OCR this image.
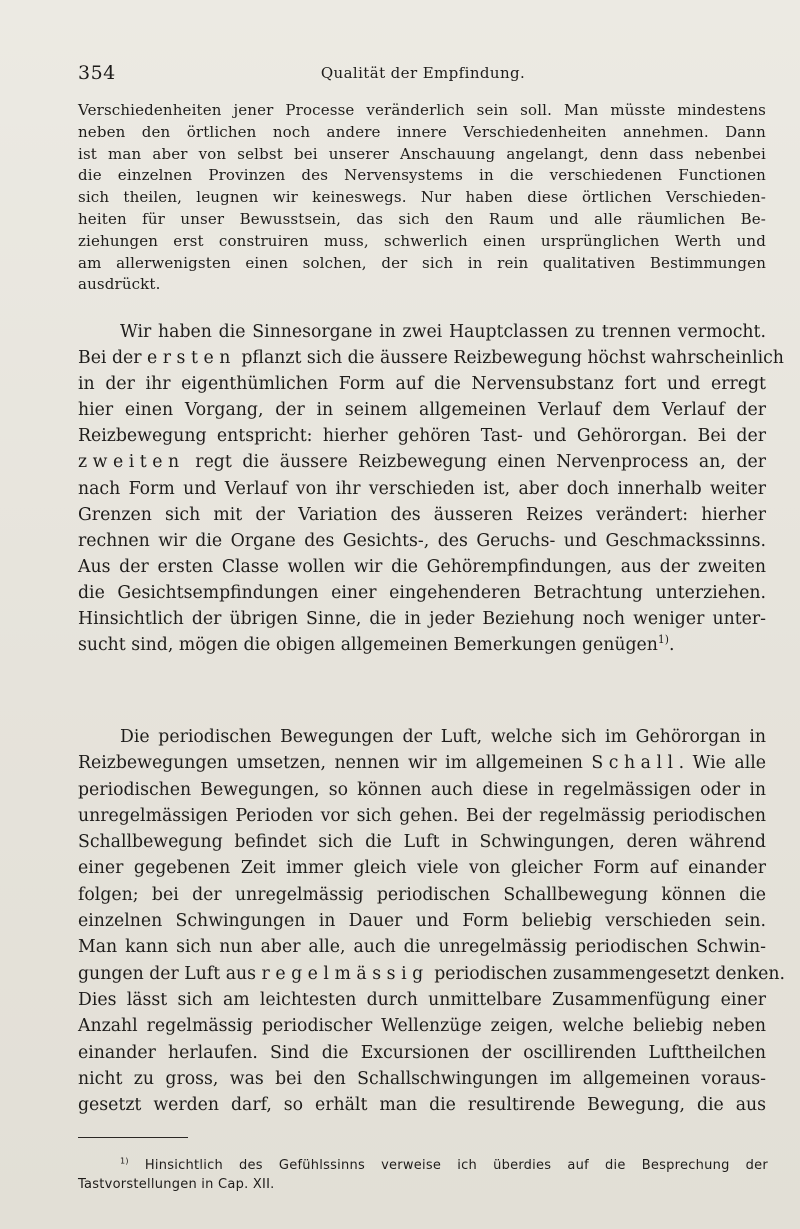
354	Qualität der Empfindung.

Verschiedenheiten jener Processe veränderlich sein soll. Man müsste mindestens
neben den örtlichen noch andere innere Verschiedenheiten annehmen. Dann
ist man aber von selbst bei unserer Anschauung angelangt, denn dass nebenbei
die einzelnen Provinzen des Nervensystems in die verschiedenen Functionen
sich theilen, leugnen wir keineswegs. Nur haben diese örtlichen Verschieden-
heiten für unser Bewusstsein, das sich den Raum und alle räumlichen Be-
ziehungen erst construiren muss, schwerlich einen ursprünglichen Werth und
am allerwenigsten einen solchen, der sich in rein qualitativen Bestimmungen
ausdrückt.

Wir haben die Sinnesorgane in zwei Hauptclassen zu trennen vermocht.
Bei der ersten pflanzt sich die äussere Reizbewegung höchst wahrscheinlich
in der ihr eigenthümlichen Form auf die Nervensubstanz fort und erregt
hier einen Vorgang, der in seinem allgemeinen Verlauf dem Verlauf der
Reizbewegung entspricht: hierher gehören Tast- und Gehörorgan. Bei der
zweiten regt die äussere Reizbewegung einen Nervenprocess an, der
nach Form und Verlauf von ihr verschieden ist, aber doch innerhalb weiter
Grenzen sich mit der Variation des äusseren Reizes verändert: hierher
rechnen wir die Organe des Gesichts-, des Geruchs- und Geschmackssinns.
Aus der ersten Classe wollen wir die Gehörempfindungen, aus der zweiten
die Gesichtsempfindungen einer eingehenderen Betrachtung unterziehen.
Hinsichtlich der übrigen Sinne, die in jeder Beziehung noch weniger unter-
sucht sind, mögen die obigen allgemeinen Bemerkungen genügen$^{1)}$.

Die periodischen Bewegungen der Luft, welche sich im Gehörorgan in
Reizbewegungen umsetzen, nennen wir im allgemeinen Schall. Wie alle
periodischen Bewegungen, so können auch diese in regelmässigen oder in
unregelmässigen Perioden vor sich gehen. Bei der regelmässig periodischen
Schallbewegung befindet sich die Luft in Schwingungen, deren während
einer gegebenen Zeit immer gleich viele von gleicher Form auf einander
folgen; bei der unregelmässig periodischen Schallbewegung können die
einzelnen Schwingungen in Dauer und Form beliebig verschieden sein.
Man kann sich nun aber alle, auch die unregelmässig periodischen Schwin-
gungen der Luft aus regelmässig periodischen zusammengesetzt denken.
Dies lässt sich am leichtesten durch unmittelbare Zusammenfügung einer
Anzahl regelmässig periodischer Wellenzüge zeigen, welche beliebig neben
einander herlaufen. Sind die Excursionen der oscillirenden Lufttheilchen
nicht zu gross, was bei den Schallschwingungen im allgemeinen voraus-
gesetzt werden darf, so erhält man die resultirende Bewegung, die aus

$^{1)}$ Hinsichtlich des Gefühlssinns verweise ich überdies auf die Besprechung der
Tastvorstellungen in Cap. XII.
